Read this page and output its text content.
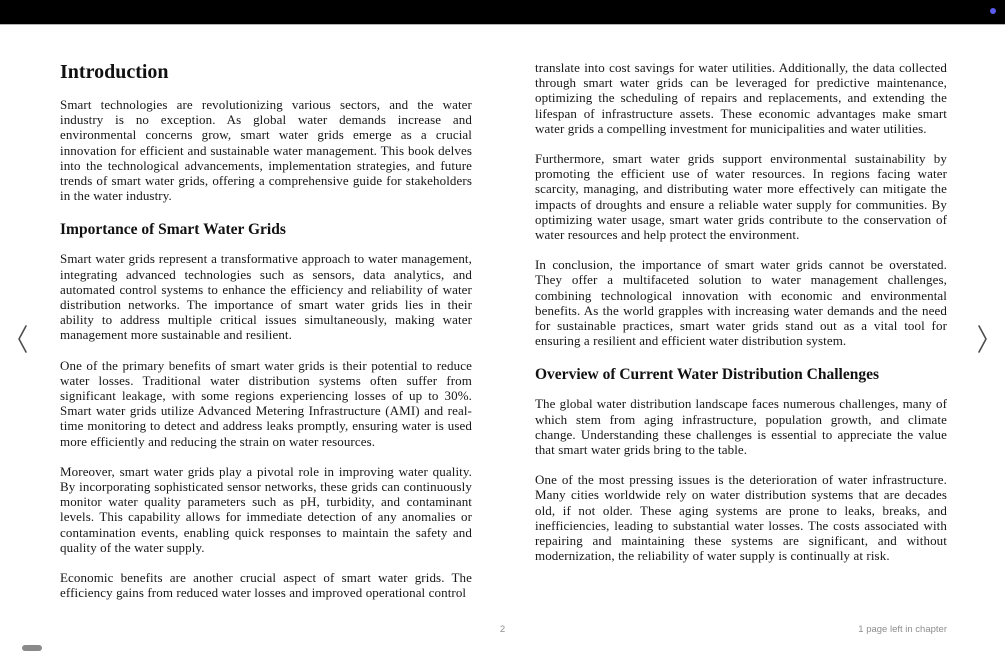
Introduction

Smart technologies are revolutionizing various sectors, and the water industry is no exception. As global water demands increase and environmental concerns grow, smart water grids emerge as a crucial innovation for efficient and sustainable water management. This book delves into the technological advancements, implementation strategies, and future trends of smart water grids, offering a comprehensive guide for stakeholders in the water industry.

Importance of Smart Water Grids

Smart water grids represent a transformative approach to water management, integrating advanced technologies such as sensors, data analytics, and automated control systems to enhance the efficiency and reliability of water distribution networks. The importance of smart water grids lies in their ability to address multiple critical issues simultaneously, making water management more sustainable and resilient.

One of the primary benefits of smart water grids is their potential to reduce water losses. Traditional water distribution systems often suffer from significant leakage, with some regions experiencing losses of up to 30%. Smart water grids utilize Advanced Metering Infrastructure (AMI) and real-time monitoring to detect and address leaks promptly, ensuring water is used more efficiently and reducing the strain on water resources.

Moreover, smart water grids play a pivotal role in improving water quality. By incorporating sophisticated sensor networks, these grids can continuously monitor water quality parameters such as pH, turbidity, and contaminant levels. This capability allows for immediate detection of any anomalies or contamination events, enabling quick responses to maintain the safety and quality of the water supply.

Economic benefits are another crucial aspect of smart water grids. The efficiency gains from reduced water losses and improved operational control

translate into cost savings for water utilities. Additionally, the data collected through smart water grids can be leveraged for predictive maintenance, optimizing the scheduling of repairs and replacements, and extending the lifespan of infrastructure assets. These economic advantages make smart water grids a compelling investment for municipalities and water utilities.

Furthermore, smart water grids support environmental sustainability by promoting the efficient use of water resources. In regions facing water scarcity, managing, and distributing water more effectively can mitigate the impacts of droughts and ensure a reliable water supply for communities. By optimizing water usage, smart water grids contribute to the conservation of water resources and help protect the environment.

In conclusion, the importance of smart water grids cannot be overstated. They offer a multifaceted solution to water management challenges, combining technological innovation with economic and environmental benefits. As the world grapples with increasing water demands and the need for sustainable practices, smart water grids stand out as a vital tool for ensuring a resilient and efficient water distribution system.

Overview of Current Water Distribution Challenges

The global water distribution landscape faces numerous challenges, many of which stem from aging infrastructure, population growth, and climate change. Understanding these challenges is essential to appreciate the value that smart water grids bring to the table.

One of the most pressing issues is the deterioration of water infrastructure. Many cities worldwide rely on water distribution systems that are decades old, if not older. These aging systems are prone to leaks, breaks, and inefficiencies, leading to substantial water losses. The costs associated with repairing and maintaining these systems are significant, and without modernization, the reliability of water supply is continually at risk.

2	1 page left in chapter
